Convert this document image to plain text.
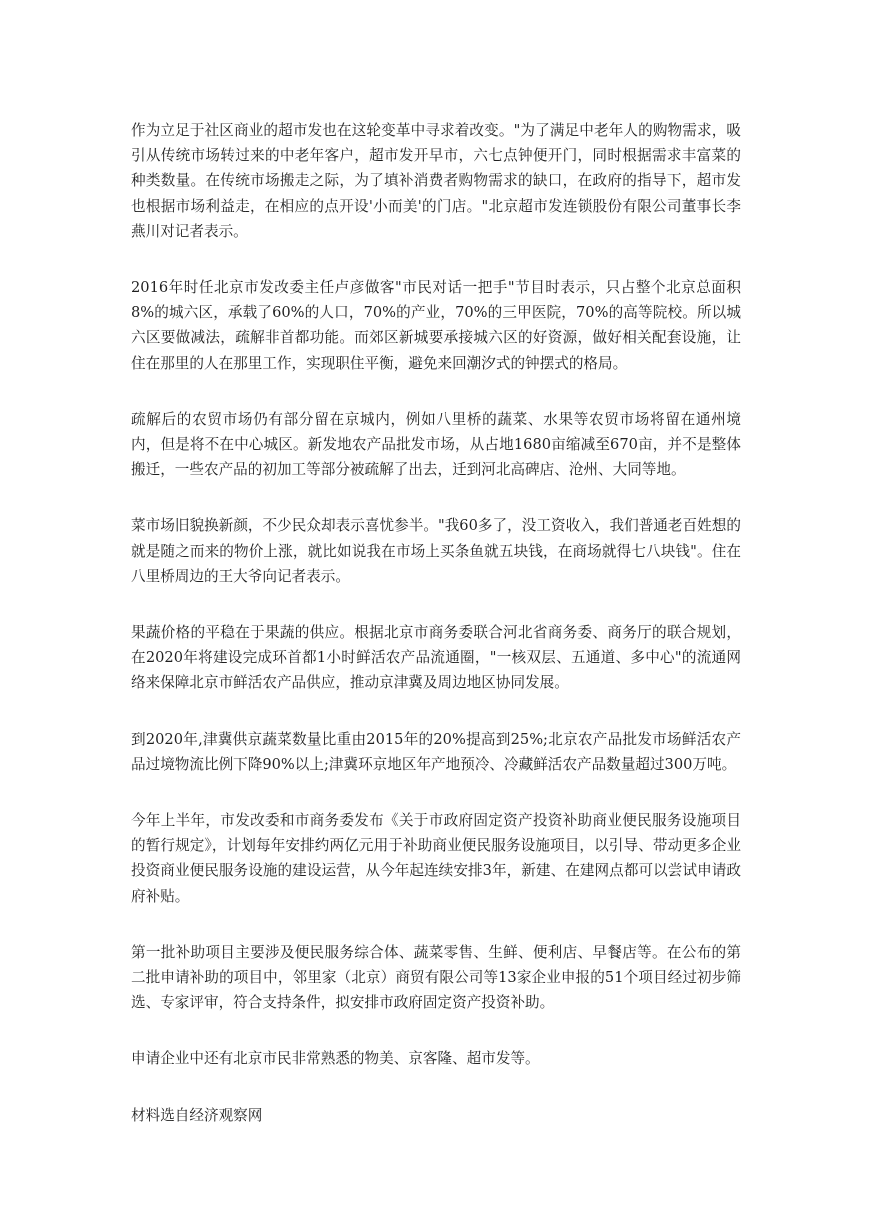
作为立足于社区商业的超市发也在这轮变革中寻求着改变。"为了满足中老年人的购物需求，吸引从传统市场转过来的中老年客户，超市发开早市，六七点钟便开门，同时根据需求丰富菜的种类数量。在传统市场搬走之际，为了填补消费者购物需求的缺口，在政府的指导下，超市发也根据市场利益走，在相应的点开设'小而美'的门店。"北京超市发连锁股份有限公司董事长李燕川对记者表示。

2016年时任北京市发改委主任卢彦做客"市民对话一把手"节目时表示，只占整个北京总面积8%的城六区，承载了60%的人口，70%的产业，70%的三甲医院，70%的高等院校。所以城六区要做减法，疏解非首都功能。而郊区新城要承接城六区的好资源，做好相关配套设施，让住在那里的人在那里工作，实现职住平衡，避免来回潮汐式的钟摆式的格局。

疏解后的农贸市场仍有部分留在京城内，例如八里桥的蔬菜、水果等农贸市场将留在通州境内，但是将不在中心城区。新发地农产品批发市场，从占地1680亩缩减至670亩，并不是整体搬迁，一些农产品的初加工等部分被疏解了出去，迁到河北高碑店、沧州、大同等地。

菜市场旧貌换新颜，不少民众却表示喜忧参半。"我60多了，没工资收入，我们普通老百姓想的就是随之而来的物价上涨，就比如说我在市场上买条鱼就五块钱，在商场就得七八块钱"。住在八里桥周边的王大爷向记者表示。

果蔬价格的平稳在于果蔬的供应。根据北京市商务委联合河北省商务委、商务厅的联合规划，在2020年将建设完成环首都1小时鲜活农产品流通圈，"一核双层、五通道、多中心"的流通网络来保障北京市鲜活农产品供应，推动京津冀及周边地区协同发展。

到2020年,津冀供京蔬菜数量比重由2015年的20%提高到25%;北京农产品批发市场鲜活农产品过境物流比例下降90%以上;津冀环京地区年产地预冷、冷藏鲜活农产品数量超过300万吨。

今年上半年，市发改委和市商务委发布《关于市政府固定资产投资补助商业便民服务设施项目的暂行规定》，计划每年安排约两亿元用于补助商业便民服务设施项目，以引导、带动更多企业投资商业便民服务设施的建设运营，从今年起连续安排3年，新建、在建网点都可以尝试申请政府补贴。

第一批补助项目主要涉及便民服务综合体、蔬菜零售、生鲜、便利店、早餐店等。在公布的第二批申请补助的项目中，邻里家（北京）商贸有限公司等13家企业申报的51个项目经过初步筛选、专家评审，符合支持条件，拟安排市政府固定资产投资补助。

申请企业中还有北京市民非常熟悉的物美、京客隆、超市发等。

材料选自经济观察网
